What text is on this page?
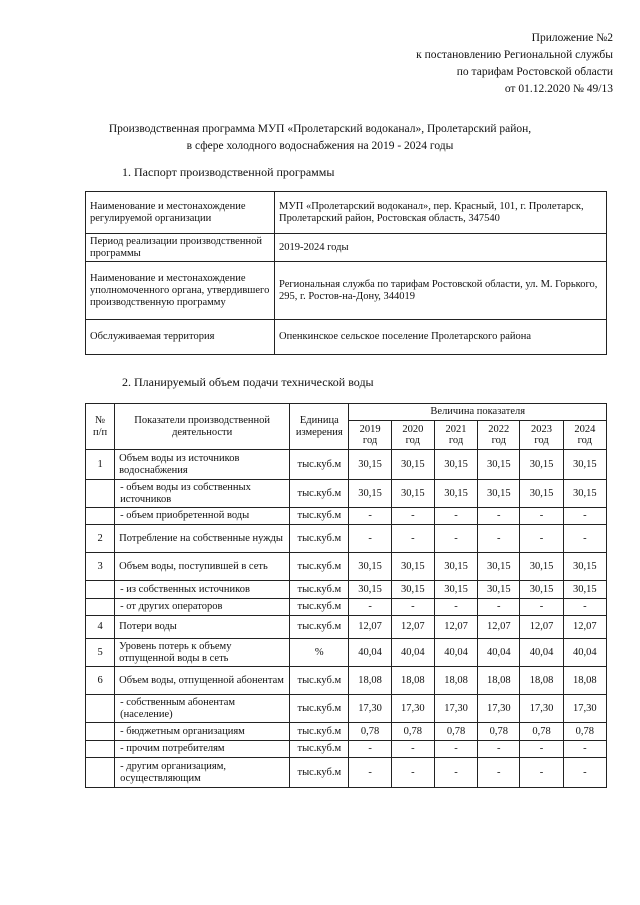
Приложение №2
к постановлению Региональной службы
по тарифам Ростовской области
от 01.12.2020 № 49/13
Производственная программа МУП «Пролетарский водоканал», Пролетарский район,
в сфере холодного водоснабжения на 2019 - 2024 годы
1. Паспорт производственной программы
Наименование и местонахождение регулируемой организации	МУП «Пролетарский водоканал», пер. Красный, 101, г. Пролетарск, Пролетарский район, Ростовская область, 347540
Период реализации производственной программы	2019-2024 годы
Наименование и местонахождение уполномоченного органа, утвердившего производственную программу	Региональная служба по тарифам Ростовской области, ул. М. Горького, 295, г. Ростов-на-Дону, 344019
Обслуживаемая территория	Опенкинское сельское поселение Пролетарского района
2. Планируемый объем подачи технической воды
№ п/п	Показатели производственной деятельности	Единица измерения	Величина показателя					
			2019 год	2020 год	2021 год	2022 год	2023 год	2024 год
1	Объем воды из источников водоснабжения	тыс.куб.м	30,15	30,15	30,15	30,15	30,15	30,15
	- объем воды из собственных источников	тыс.куб.м	30,15	30,15	30,15	30,15	30,15	30,15
	- объем приобретенной воды	тыс.куб.м	-	-	-	-	-	-
2	Потребление на собственные нужды	тыс.куб.м	-	-	-	-	-	-
3	Объем воды, поступившей в сеть	тыс.куб.м	30,15	30,15	30,15	30,15	30,15	30,15
	- из собственных источников	тыс.куб.м	30,15	30,15	30,15	30,15	30,15	30,15
	- от других операторов	тыс.куб.м	-	-	-	-	-	-
4	Потери воды	тыс.куб.м	12,07	12,07	12,07	12,07	12,07	12,07
5	Уровень потерь к объему отпущенной воды в сеть	%	40,04	40,04	40,04	40,04	40,04	40,04
6	Объем воды, отпущенной абонентам	тыс.куб.м	18,08	18,08	18,08	18,08	18,08	18,08
	- собственным абонентам (население)	тыс.куб.м	17,30	17,30	17,30	17,30	17,30	17,30
	- бюджетным организациям	тыс.куб.м	0,78	0,78	0,78	0,78	0,78	0,78
	- прочим потребителям	тыс.куб.м	-	-	-	-	-	-
	- другим организациям, осуществляющим	тыс.куб.м	-	-	-	-	-	-
